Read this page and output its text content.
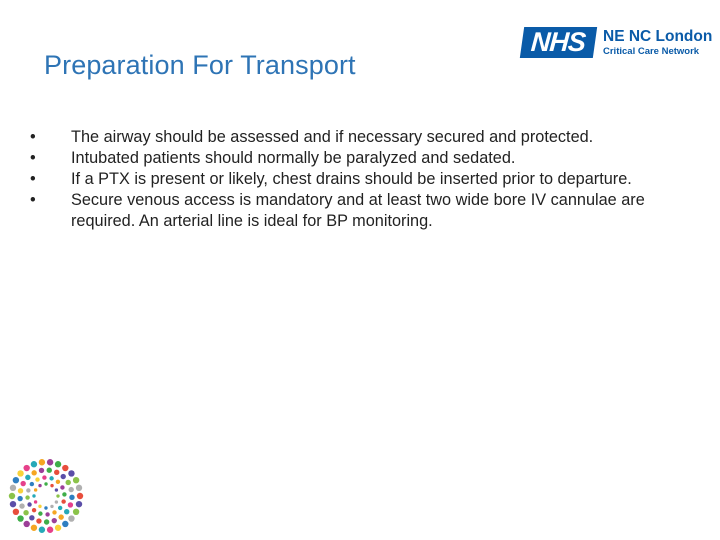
Preparation For Transport
NHS NE NC London
Critical Care Network
•	The airway should be assessed and if necessary secured and protected.
•	Intubated patients should normally be paralyzed and sedated.
•	If a PTX is present or likely, chest drains should be inserted prior to departure.
•	Secure venous access is mandatory and at least two wide bore IV cannulae are required. An arterial line is ideal for BP monitoring.
